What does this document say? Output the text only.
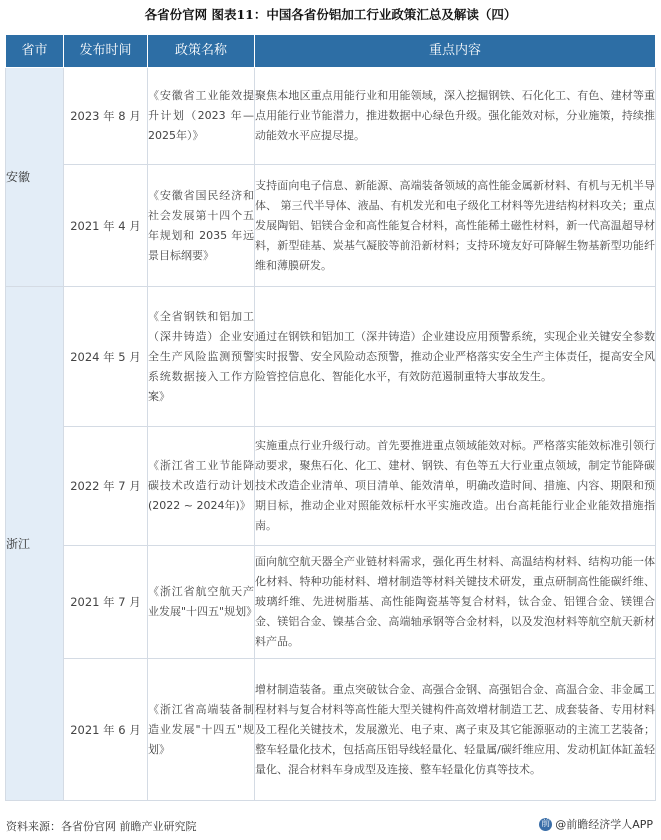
各省份官网 图表11：中国各省份铝加工行业政策汇总及解读（四）
省市	发布时间	政策名称	重点内容
安徽	2023 年 8 月	《安徽省工业能效提升计划（2023 年—2025年）》	聚焦本地区重点用能行业和用能领域，深入挖掘钢铁、石化化工、有色、建材等重点用能行业节能潜力，推进数据中心绿色升级。强化能效对标，分业施策，持续推动能效水平应提尽提。
	2021 年 4 月	《安徽省国民经济和社会发展第十四个五年规划和 2035 年远景目标纲要》	支持面向电子信息、新能源、高端装备领域的高性能金属新材料、有机与无机半导体、 第三代半导体、液晶、有机发光和电子级化工材料等先进结构材料攻关；重点发展陶铝、铝镁合金和高性能复合材料，高性能稀土磁性材料，新一代高温超导材料，新型硅基、炭基气凝胶等前沿新材料；支持环境友好可降解生物基新型功能纤维和薄膜研发。
浙江	2024 年 5 月	《全省钢铁和铝加工（深井铸造）企业安全生产风险监测预警系统数据接入工作方案》	通过在钢铁和铝加工（深井铸造）企业建设应用预警系统，实现企业关键安全参数实时报警、安全风险动态预警，推动企业严格落实安全生产主体责任，提高安全风险管控信息化、智能化水平，有效防范遏制重特大事故发生。
	2022 年 7 月	《浙江省工业节能降碳技术改造行动计划(2022 ~ 2024年)》	实施重点行业升级行动。首先要推进重点领域能效对标。严格落实能效标准引领行动要求，聚焦石化、化工、建材、钢铁、有色等五大行业重点领域，制定节能降碳技术改造企业清单、项目清单、能效清单，明确改造时间、措施、内容、期限和预期目标，推动企业对照能效标杆水平实施改造。出台高耗能行业企业能效措施指南。
	2021 年 7 月	《浙江省航空航天产业发展"十四五"规划》	面向航空航天器全产业链材料需求，强化再生材料、高温结构材料、结构功能一体化材料、特种功能材料、增材制造等材料关键技术研发，重点研制高性能碳纤维、玻璃纤维、先进树脂基、高性能陶瓷基等复合材料，钛合金、铝锂合金、镁锂合金、镁铝合金、镍基合金、高端轴承钢等合金材料，以及发泡材料等航空航天新材料产品。
	2021 年 6 月	《浙江省高端装备制造业发展"十四五"规划》	增材制造装备。重点突破钛合金、高强合金钢、高强铝合金、高温合金、非金属工程材料与复合材料等高性能大型关键构件高效增材制造工艺、成套装备、专用材料及工程化关键技术，发展激光、电子束、离子束及其它能源驱动的主流工艺装备；整车轻量化技术，包括高压铝导线轻量化、轻量属/碳纤维应用、发动机缸体缸盖轻量化、混合材料车身成型及连接、整车轻量化仿真等技术。
资料来源：各省份官网 前瞻产业研究院	前 @前瞻经济学人APP
